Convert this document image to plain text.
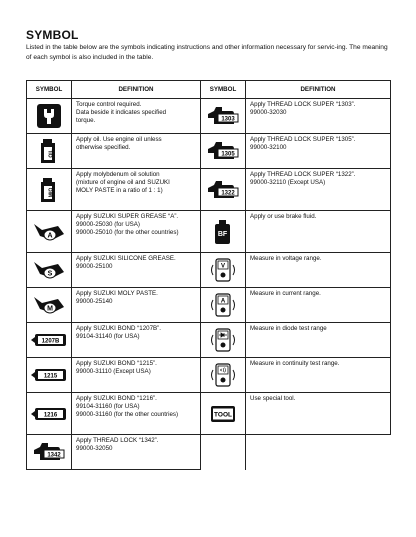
SYMBOL
Listed in the table below are the symbols indicating instructions and other information necessary for servic-ing. The meaning of each symbol is also included in the table.
SYMBOL	DEFINITION	SYMBOL	DEFINITION

	Torque control required.
Data beside it indicates specified
torque.	1303	Apply THREAD LOCK SUPER “1303”.
99000-32030

OIL	Apply oil. Use engine oil unless
otherwise specified.	1305	Apply THREAD LOCK SUPER “1305”.
99000-32100

M/O	Apply molybdenum oil solution
(mixture of engine oil and SUZUKI
MOLY PASTE in a ratio of 1 : 1)	1322	Apply THREAD LOCK SUPER “1322”.
99000-32110 (Except USA)

A	Apply SUZUKI SUPER GREASE “A”.
99000-25030 (for USA)
99000-25010 (for the other countries)	BF	Apply or use brake fluid.

S	Apply SUZUKI SILICONE GREASE.
99000-25100	V	Measure in voltage range.

M	Apply SUZUKI MOLY PASTE.
99000-25140	A	Measure in current range.

1207B	Apply SUZUKI BOND “1207B”.
99104-31140 (for USA)		Measure in diode test range

1215	Apply SUZUKI BOND “1215”.
99000-31110 (Except USA)		Measure in continuity test range.

1216	Apply SUZUKI BOND “1216”.
99104-31160 (for USA)
99000-31160 (for the other countries)	TOOL	Use special tool.

1342	Apply THREAD LOCK “1342”.
99000-32050		
